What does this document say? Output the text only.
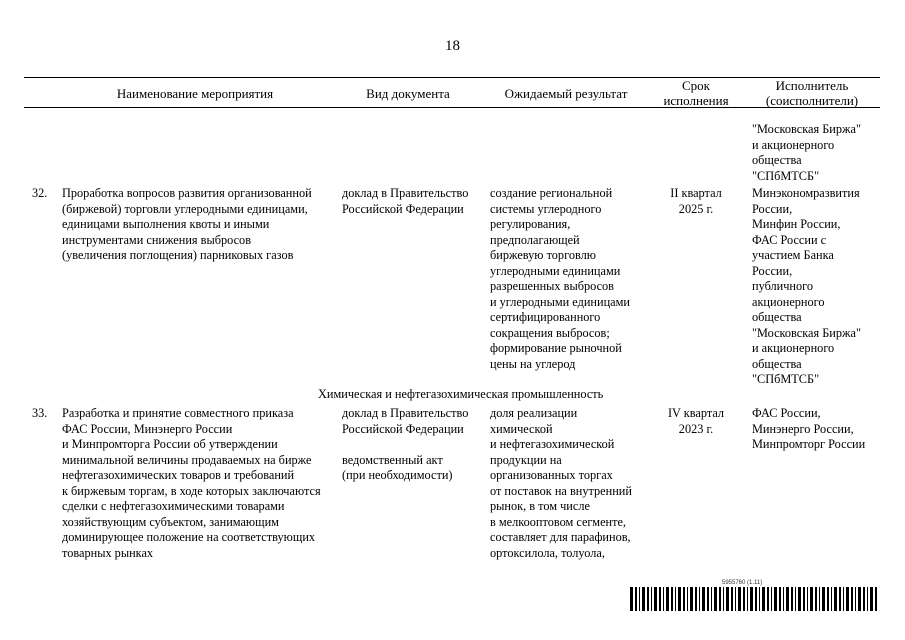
18
Наименование мероприятия	Вид документа	Ожидаемый результат
Срок
исполнения
Исполнитель
(соисполнители)
"Московская Биржа"
и акционерного
общества
"СПбМТСБ"
32. Проработка вопросов развития организованной
(биржевой) торговли углеродными единицами,
единицами выполнения квоты и иными
инструментами снижения выбросов
(увеличения поглощения) парниковых газов
доклад в Правительство
Российской Федерации
создание региональной
системы углеродного
регулирования,
предполагающей
биржевую торговлю
углеродными единицами
разрешенных выбросов
и углеродными единицами
сертифицированного
сокращения выбросов;
формирование рыночной
цены на углерод
II квартал
2025 г.
Минэкономразвития
России,
Минфин России,
ФАС России с
участием Банка
России,
публичного
акционерного
общества
"Московская Биржа"
и акционерного
общества
"СПбМТСБ"
Химическая и нефтегазохимическая промышленность
33. Разработка и принятие совместного приказа
ФАС России, Минэнерго России
и Минпромторга России об утверждении
минимальной величины продаваемых на бирже
нефтегазохимических товаров и требований
к биржевым торгам, в ходе которых заключаются
сделки с нефтегазохимическими товарами
хозяйствующим субъектом, занимающим
доминирующее положение на соответствующих
товарных рынках
доклад в Правительство
Российской Федерации
ведомственный акт
(при необходимости)
доля реализации
химической
и нефтегазохимической
продукции на
организованных торгах
от поставок на внутренний
рынок, в том числе
в мелкооптовом сегменте,
составляет для парафинов,
ортоксилола, толуола,
IV квартал
2023 г.
ФАС России,
Минэнерго России,
Минпромторг России
5955760 (1.11)
